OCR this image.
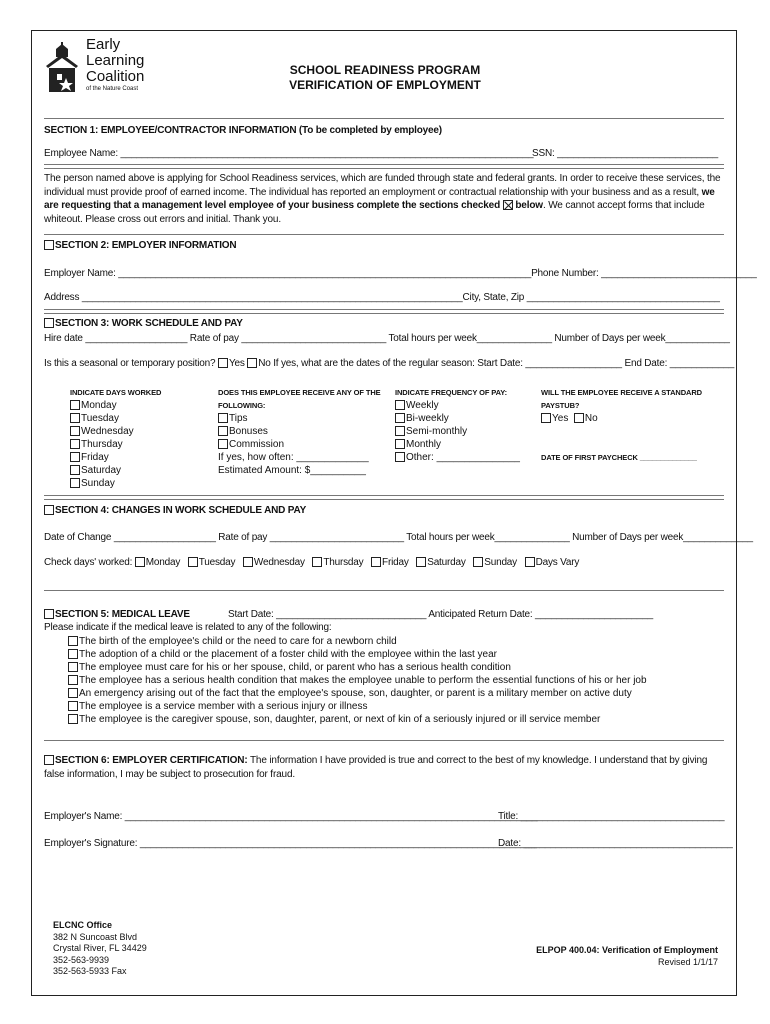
Early
Learning
Coalition
of the Nature Coast
SCHOOL READINESS PROGRAM
VERIFICATION OF EMPLOYMENT
SECTION 1: EMPLOYEE/CONTRACTOR INFORMATION (To be completed by employee)
Employee Name: _____________________________________________________________________________
SSN: ______________________________
The person named above is applying for School Readiness services, which are funded through state and federal grants. In order to receive these services, the individual must provide proof of earned income. The individual has reported an employment or contractual relationship with your business and as a result, we are requesting that a management level employee of your business complete the sections checked below. We cannot accept forms that include whiteout. Please cross out errors and initial. Thank you.
SECTION 2: EMPLOYER INFORMATION
Employer Name: _____________________________________________________________________________Phone Number: _____________________________
Address _______________________________________________________________________City, State, Zip ____________________________________
SECTION 3: WORK SCHEDULE AND PAY
Hire date ___________________ Rate of pay ___________________________ Total hours per week______________ Number of Days per week____________
Is this a seasonal or temporary position? Yes No If yes, what are the dates of the regular season: Start Date: __________________ End Date: ____________
INDICATE DAYS WORKED
Monday
Tuesday
Wednesday
Thursday
Friday
Saturday
Sunday
DOES THIS EMPLOYEE RECEIVE ANY OF THE
FOLLOWING:
Tips
Bonuses
Commission
If yes, how often: _____________
Estimated Amount: $__________
INDICATE FREQUENCY OF PAY:
Weekly
Bi-weekly
Semi-monthly
Monthly
Other: _______________
WILL THE EMPLOYEE RECEIVE A STANDARD
PAYSTUB?
Yes No
DATE OF FIRST PAYCHECK ______________
SECTION 4: CHANGES IN WORK SCHEDULE AND PAY
Date of Change ___________________ Rate of pay _________________________ Total hours per week______________ Number of Days per week_____________
Check days' worked: Monday Tuesday Wednesday Thursday Friday Saturday Sunday Days Vary
SECTION 5: MEDICAL LEAVE	Start Date: ____________________________ Anticipated Return Date: ______________________
Please indicate if the medical leave is related to any of the following:
The birth of the employee's child or the need to care for a newborn child
The adoption of a child or the placement of a foster child with the employee within the last year
The employee must care for his or her spouse, child, or parent who has a serious health condition
The employee has a serious health condition that makes the employee unable to perform the essential functions of his or her job
An emergency arising out of the fact that the employee's spouse, son, daughter, or parent is a military member on active duty
The employee is a service member with a serious injury or illness
The employee is the caregiver spouse, son, daughter, parent, or next of kin of a seriously injured or ill service member
SECTION 6: EMPLOYER CERTIFICATION: The information I have provided is true and correct to the best of my knowledge. I understand that by giving false information, I may be subject to prosecution for fraud.
Employer's Name: _____________________________________________________________________________
Title: ______________________________________
Employer's Signature: __________________________________________________________________________
Date: _______________________________________
ELCNC Office
382 N Suncoast Blvd
Crystal River, FL 34429
352-563-9939
352-563-5933 Fax
ELPOP 400.04: Verification of Employment
Revised 1/1/17
